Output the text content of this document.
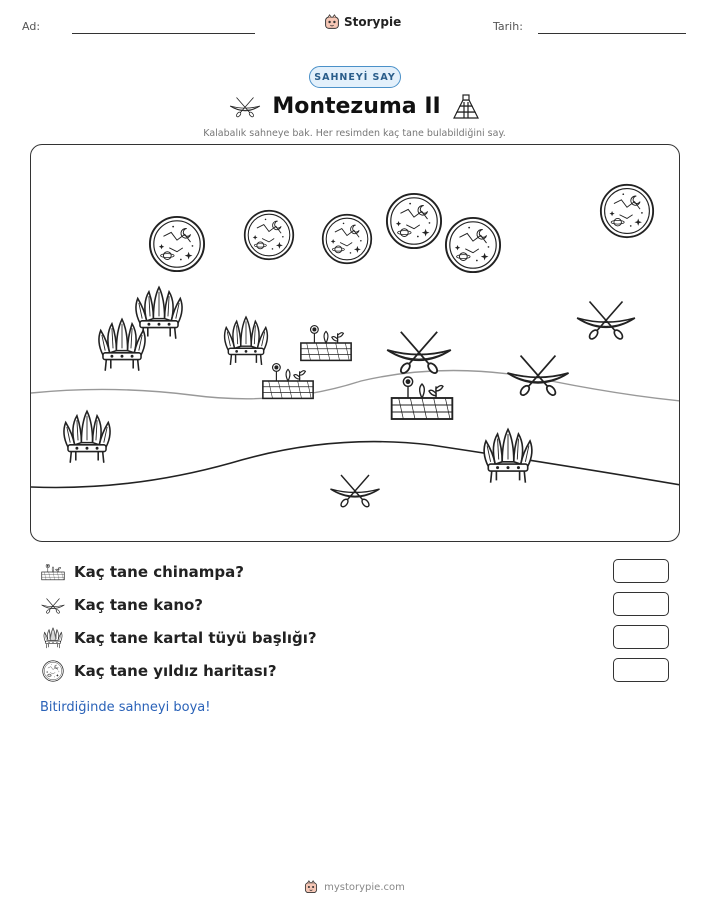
Ad:	Storypie	Tarih:
SAHNEYİ SAY
Montezuma II
Kalabalık sahneye bak. Her resimden kaç tane bulabildiğini say.
Kaç tane chinampa?
Kaç tane kano?
Kaç tane kartal tüyü başlığı?
Kaç tane yıldız haritası?
Bitirdiğinde sahneyi boya!
mystorypie.com
